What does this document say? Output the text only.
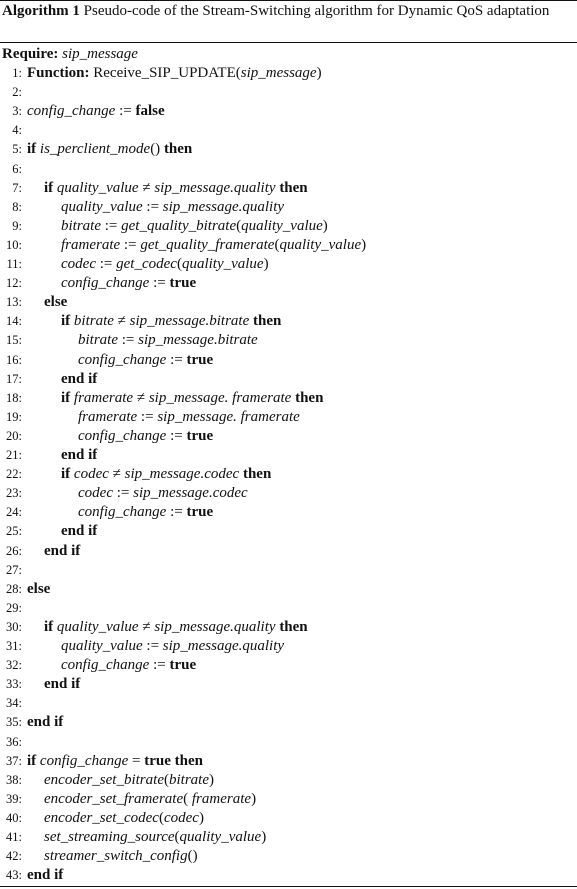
Algorithm 1 Pseudo-code of the Stream-Switching algorithm for Dynamic QoS adaptation
Require: sip_message
1: Function: Receive_SIP_UPDATE(sip_message)
2:
3: config_change := false
4:
5: if is_perclient_mode() then
6:
7: if quality_value ≠ sip_message.quality then
8:	quality_value := sip_message.quality
9:	bitrate := get_quality_bitrate(quality_value)
10:	framerate := get_quality_framerate(quality_value)
11:	codec := get_codec(quality_value)
12:	config_change := true
13: else
14:	if bitrate ≠ sip_message.bitrate then
15:	bitrate := sip_message.bitrate
16:	config_change := true
17:	end if
18:	if framerate ≠ sip_message. framerate then
19:	framerate := sip_message. framerate
20:	config_change := true
21:	end if
22:	if codec ≠ sip_message.codec then
23:	codec := sip_message.codec
24:	config_change := true
25:	end if
26: end if
27:
28: else
29:
30: if quality_value ≠ sip_message.quality then
31:	quality_value := sip_message.quality
32:	config_change := true
33: end if
34:
35: end if
36:
37: if config_change = true then
38: encoder_set_bitrate(bitrate)
39: encoder_set_framerate( framerate)
40: encoder_set_codec(codec)
41: set_streaming_source(quality_value)
42: streamer_switch_config()
43: end if
